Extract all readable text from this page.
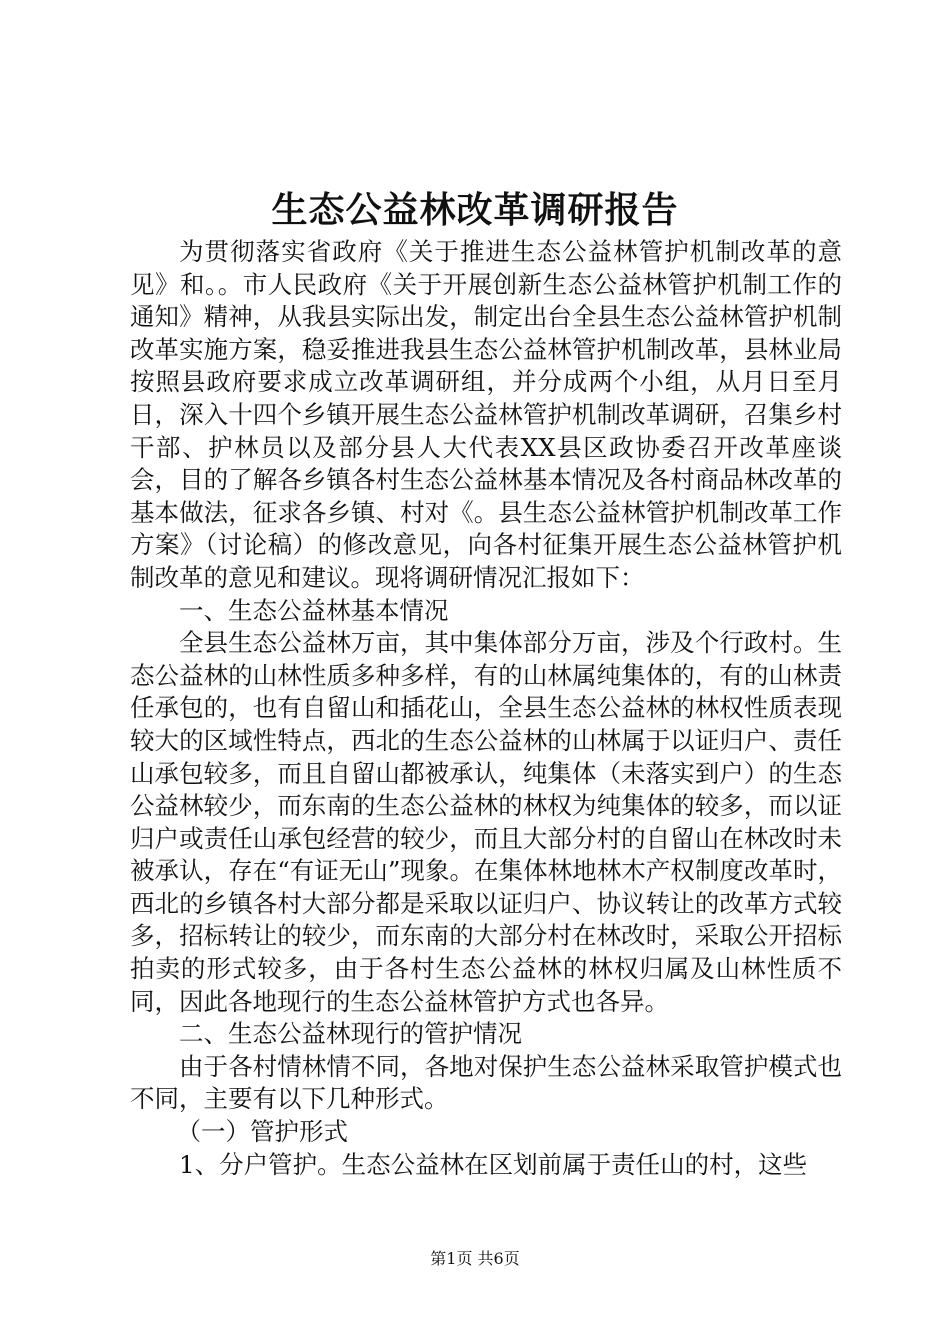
生态公益林改革调研报告

为贯彻落实省政府《关于推进生态公益林管护机制改革的意见》和。。市人民政府《关于开展创新生态公益林管护机制工作的通知》精神，从我县实际出发，制定出台全县生态公益林管护机制改革实施方案，稳妥推进我县生态公益林管护机制改革，县林业局按照县政府要求成立改革调研组，并分成两个小组，从月日至月日，深入十四个乡镇开展生态公益林管护机制改革调研，召集乡村干部、护林员以及部分县人大代表XX县区政协委召开改革座谈会，目的了解各乡镇各村生态公益林基本情况及各村商品林改革的基本做法，征求各乡镇、村对《。县生态公益林管护机制改革工作方案》（讨论稿）的修改意见，向各村征集开展生态公益林管护机制改革的意见和建议。现将调研情况汇报如下：

一、生态公益林基本情况

全县生态公益林万亩，其中集体部分万亩，涉及个行政村。生态公益林的山林性质多种多样，有的山林属纯集体的，有的山林责任承包的，也有自留山和插花山，全县生态公益林的林权性质表现较大的区域性特点，西北的生态公益林的山林属于以证归户、责任山承包较多，而且自留山都被承认，纯集体（未落实到户）的生态公益林较少，而东南的生态公益林的林权为纯集体的较多，而以证归户或责任山承包经营的较少，而且大部分村的自留山在林改时未被承认，存在“有证无山”现象。在集体林地林木产权制度改革时，西北的乡镇各村大部分都是采取以证归户、协议转让的改革方式较多，招标转让的较少，而东南的大部分村在林改时，采取公开招标拍卖的形式较多，由于各村生态公益林的林权归属及山林性质不同，因此各地现行的生态公益林管护方式也各异。

二、生态公益林现行的管护情况

由于各村情林情不同，各地对保护生态公益林采取管护模式也不同，主要有以下几种形式。

（一）管护形式

1、分户管护。生态公益林在区划前属于责任山的村，这些

第1页 共6页
